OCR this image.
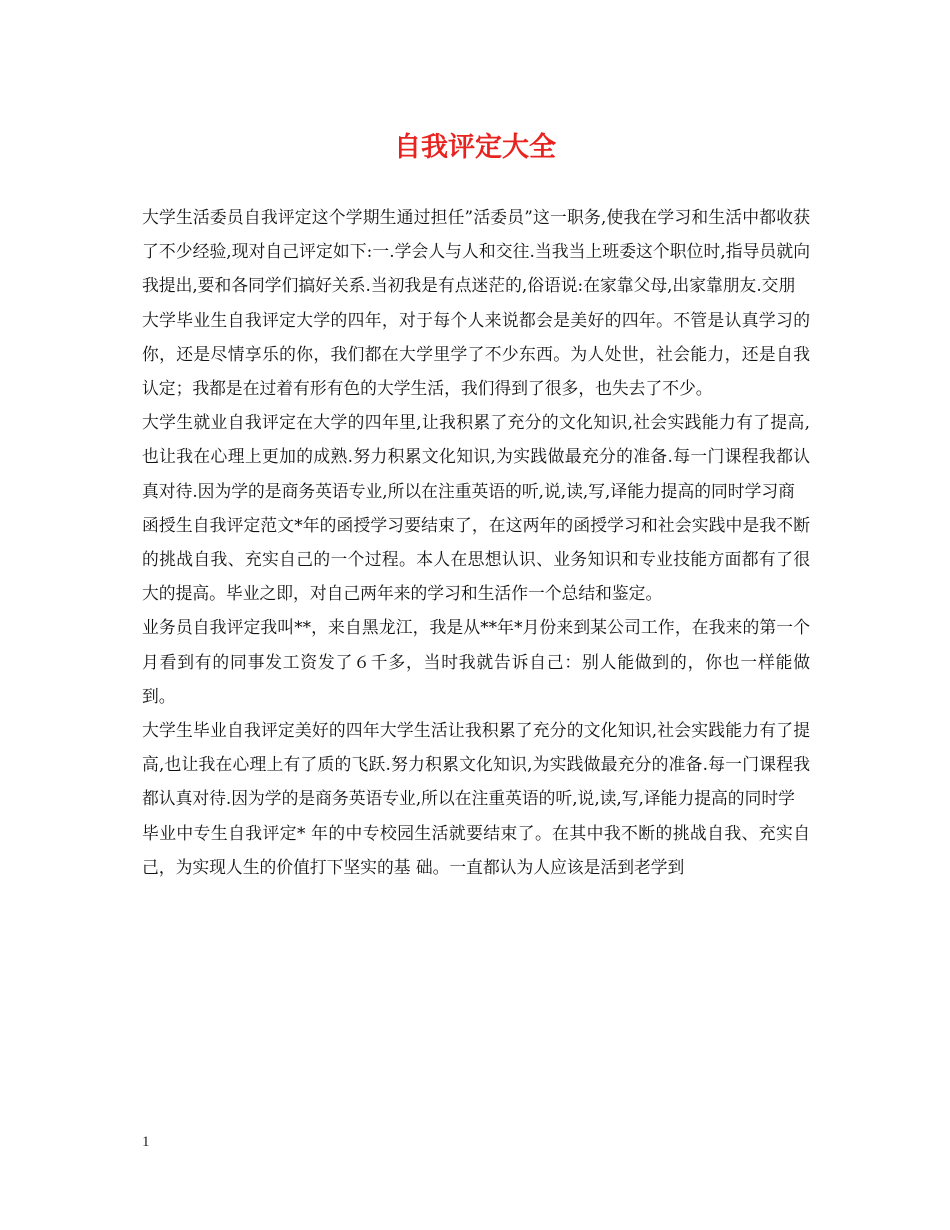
自我评定大全

大学生活委员自我评定这个学期生通过担任”活委员”这一职务,使我在学习和生活中都收获了不少经验,现对自己评定如下:一.学会人与人和交往.当我当上班委这个职位时,指导员就向我提出,要和各同学们搞好关系.当初我是有点迷茫的,俗语说:在家靠父母,出家靠朋友.交朋

大学毕业生自我评定大学的四年，对于每个人来说都会是美好的四年。不管是认真学习的你，还是尽情享乐的你，我们都在大学里学了不少东西。为人处世，社会能力，还是自我认定；我都是在过着有形有色的大学生活，我们得到了很多，也失去了不少。

大学生就业自我评定在大学的四年里,让我积累了充分的文化知识,社会实践能力有了提高,也让我在心理上更加的成熟.努力积累文化知识,为实践做最充分的准备.每一门课程我都认真对待.因为学的是商务英语专业,所以在注重英语的听,说,读,写,译能力提高的同时学习商

函授生自我评定范文*年的函授学习要结束了，在这两年的函授学习和社会实践中是我不断的挑战自我、充实自己的一个过程。本人在思想认识、业务知识和专业技能方面都有了很大的提高。毕业之即，对自己两年来的学习和生活作一个总结和鉴定。

业务员自我评定我叫**，来自黑龙江，我是从**年*月份来到某公司工作，在我来的第一个月看到有的同事发工资发了６千多，当时我就告诉自己：别人能做到的，你也一样能做到。

大学生毕业自我评定美好的四年大学生活让我积累了充分的文化知识,社会实践能力有了提高,也让我在心理上有了质的飞跃.努力积累文化知识,为实践做最充分的准备.每一门课程我都认真对待.因为学的是商务英语专业,所以在注重英语的听,说,读,写,译能力提高的同时学

毕业中专生自我评定* 年的中专校园生活就要结束了。在其中我不断的挑战自我、充实自己，为实现人生的价值打下坚实的基 础。一直都认为人应该是活到老学到

1
